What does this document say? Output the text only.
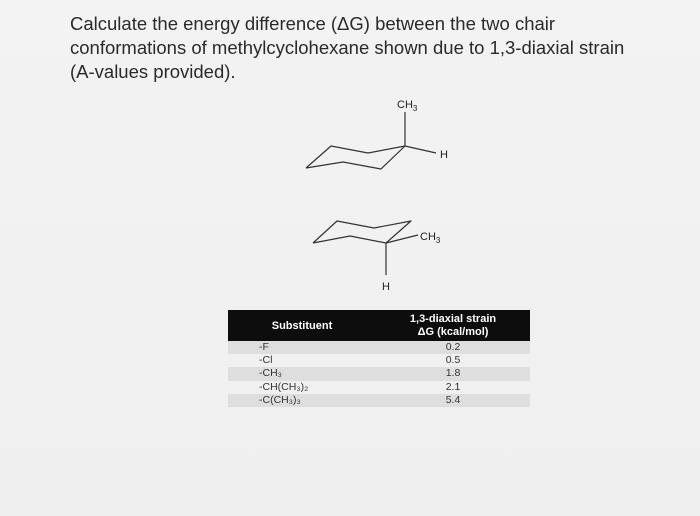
Calculate the energy difference (ΔG) between the two chair
conformations of methylcyclohexane shown due to 1,3-diaxial strain
(A-values provided).
$CH_3$
H
$CH_3$
H
Substituent
1,3-diaxial strain
ΔG (kcal/mol)
-F	0.2
-Cl	0.5
-CH₃	1.8
-CH(CH₃)₂	2.1
-C(CH₃)₃	5.4
